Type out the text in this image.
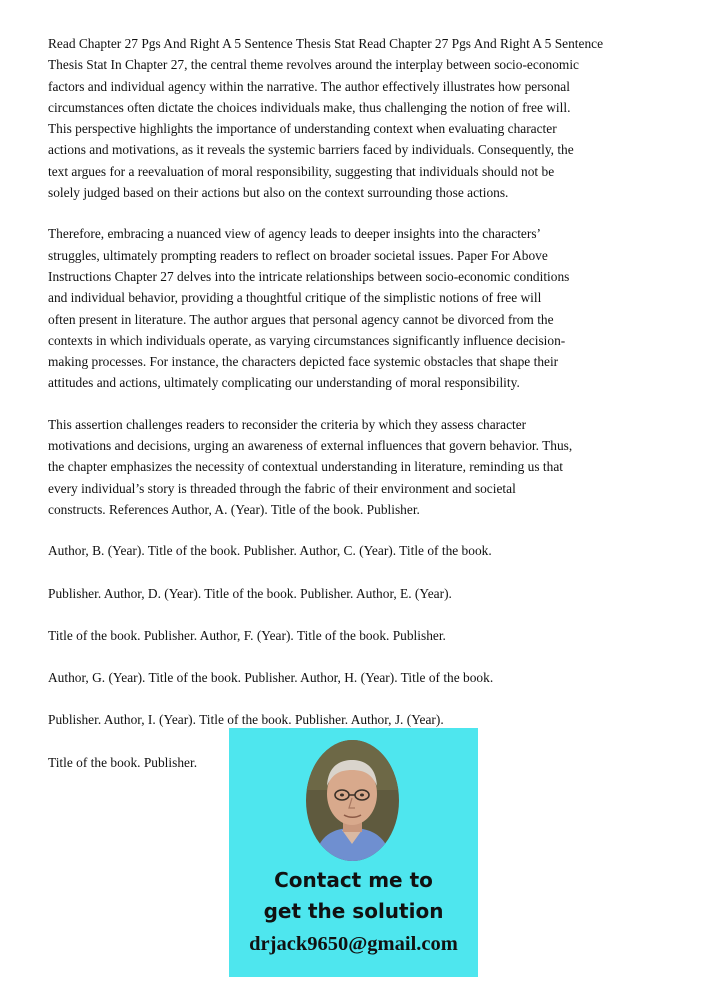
Read Chapter 27 Pgs And Right A 5 Sentence Thesis Stat Read Chapter 27 Pgs And Right A 5 Sentence
Thesis Stat In Chapter 27, the central theme revolves around the interplay between socio-economic
factors and individual agency within the narrative. The author effectively illustrates how personal
circumstances often dictate the choices individuals make, thus challenging the notion of free will.
This perspective highlights the importance of understanding context when evaluating character
actions and motivations, as it reveals the systemic barriers faced by individuals. Consequently, the
text argues for a reevaluation of moral responsibility, suggesting that individuals should not be
solely judged based on their actions but also on the context surrounding those actions.

Therefore, embracing a nuanced view of agency leads to deeper insights into the characters’
struggles, ultimately prompting readers to reflect on broader societal issues. Paper For Above
Instructions Chapter 27 delves into the intricate relationships between socio-economic conditions
and individual behavior, providing a thoughtful critique of the simplistic notions of free will
often present in literature. The author argues that personal agency cannot be divorced from the
contexts in which individuals operate, as varying circumstances significantly influence decision-
making processes. For instance, the characters depicted face systemic obstacles that shape their
attitudes and actions, ultimately complicating our understanding of moral responsibility.

This assertion challenges readers to reconsider the criteria by which they assess character
motivations and decisions, urging an awareness of external influences that govern behavior. Thus,
the chapter emphasizes the necessity of contextual understanding in literature, reminding us that
every individual’s story is threaded through the fabric of their environment and societal
constructs. References Author, A. (Year). Title of the book. Publisher.

Author, B. (Year). Title of the book. Publisher. Author, C. (Year). Title of the book.

Publisher. Author, D. (Year). Title of the book. Publisher. Author, E. (Year).

Title of the book. Publisher. Author, F. (Year). Title of the book. Publisher.

Author, G. (Year). Title of the book. Publisher. Author, H. (Year). Title of the book.

Publisher. Author, I. (Year). Title of the book. Publisher. Author, J. (Year).

Title of the book. Publisher.

Contact me to
get the solution
drjack9650@gmail.com
